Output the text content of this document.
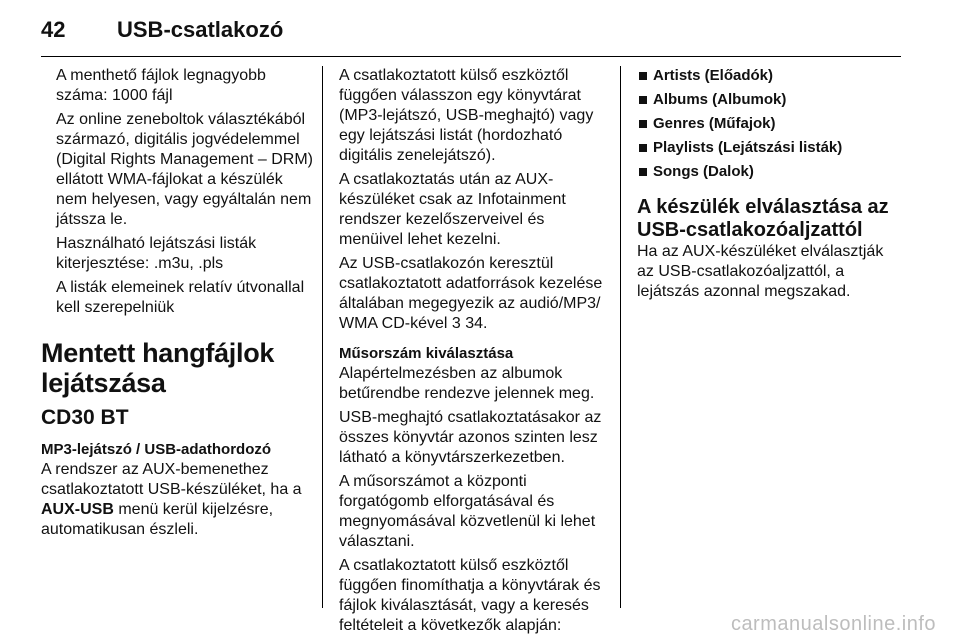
42	USB-csatlakozó

A menthető fájlok legnagyobb száma: 1000 fájl

Az online zeneboltok választékából származó, digitális jogvédelemmel (Digital Rights Management – DRM) ellátott WMA-fájlokat a készülék nem helyesen, vagy egyáltalán nem játssza le.

Használható lejátszási listák kiterjesztése: .m3u, .pls

A listák elemeinek relatív útvonallal kell szerepelniük

Mentett hangfájlok lejátszása
CD30 BT
MP3-lejátszó / USB-adathordozó

A rendszer az AUX-bemenethez csatlakoztatott USB-készüléket, ha a AUX-USB menü kerül kijelzésre, automatikusan észleli.

A csatlakoztatott külső eszköztől függően válasszon egy könyvtárat (MP3-lejátszó, USB-meghajtó) vagy egy lejátszási listát (hordozható digitális zenelejátszó).

A csatlakoztatás után az AUX-készüléket csak az Infotainment rendszer kezelőszerveivel és menüivel lehet kezelni.

Az USB-csatlakozón keresztül csatlakoztatott adatforrások kezelése általában megegyezik az audió/MP3/ WMA CD-kével 3 34.

Műsorszám kiválasztása

Alapértelmezésben az albumok betűrendbe rendezve jelennek meg.

USB-meghajtó csatlakoztatásakor az összes könyvtár azonos szinten lesz látható a könyvtárszerkezetben.

A műsorszámot a központi forgatógomb elforgatásával és megnyomásával közvetlenül ki lehet választani.

A csatlakoztatott külső eszköztől függően finomíthatja a könyvtárak és fájlok kiválasztását, vagy a keresés feltételeit a következők alapján:

Artists (Előadók)
Albums (Albumok)
Genres (Műfajok)
Playlists (Lejátszási listák)
Songs (Dalok)
A készülék elválasztása az USB-csatlakozóaljzattól

Ha az AUX-készüléket elválasztják az USB-csatlakozóaljzattól, a lejátszás azonnal megszakad.

carmanualsonline.info
